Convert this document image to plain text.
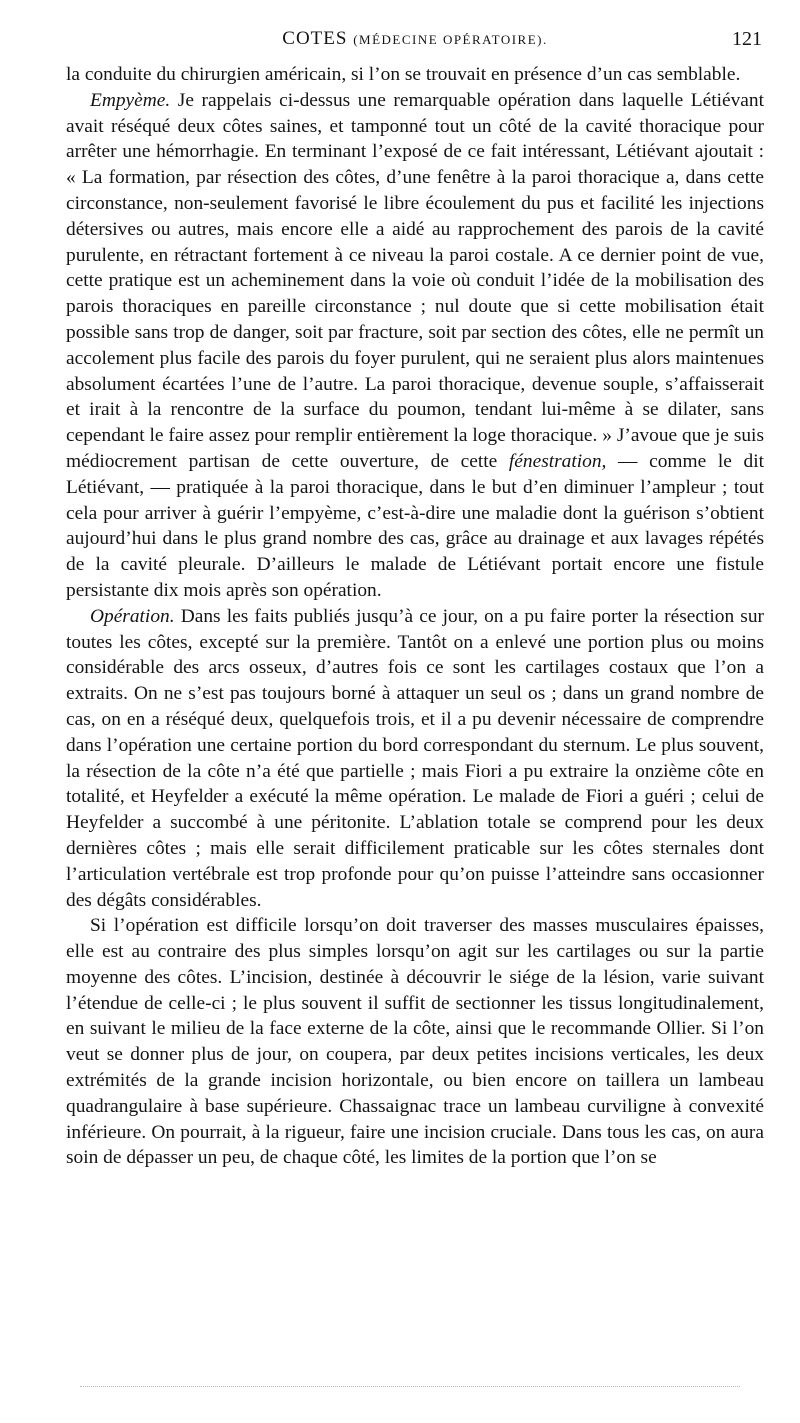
COTES (MÉDECINE OPÉRATOIRE).	121

la conduite du chirurgien américain, si l’on se trouvait en présence d’un cas semblable.

Empyème. Je rappelais ci-dessus une remarquable opération dans laquelle Létiévant avait réséqué deux côtes saines, et tamponné tout un côté de la cavité thoracique pour arrêter une hémorrhagie. En terminant l’exposé de ce fait intéressant, Létiévant ajoutait : « La formation, par résection des côtes, d’une fenêtre à la paroi thoracique a, dans cette circonstance, non-seulement favorisé le libre écoulement du pus et facilité les injections détersives ou autres, mais encore elle a aidé au rapprochement des parois de la cavité purulente, en rétractant fortement à ce niveau la paroi costale. A ce dernier point de vue, cette pratique est un acheminement dans la voie où conduit l’idée de la mobilisation des parois thoraciques en pareille circonstance ; nul doute que si cette mobilisation était possible sans trop de danger, soit par fracture, soit par section des côtes, elle ne permît un accolement plus facile des parois du foyer purulent, qui ne seraient plus alors maintenues absolument écartées l’une de l’autre. La paroi thoracique, devenue souple, s’affaisserait et irait à la rencontre de la surface du poumon, tendant lui-même à se dilater, sans cependant le faire assez pour remplir entièrement la loge thoracique. » J’avoue que je suis médiocrement partisan de cette ouverture, de cette fénestration, — comme le dit Létiévant, — pratiquée à la paroi thoracique, dans le but d’en diminuer l’ampleur ; tout cela pour arriver à guérir l’empyème, c’est-à-dire une maladie dont la guérison s’obtient aujourd’hui dans le plus grand nombre des cas, grâce au drainage et aux lavages répétés de la cavité pleurale. D’ailleurs le malade de Létiévant portait encore une fistule persistante dix mois après son opération.

Opération. Dans les faits publiés jusqu’à ce jour, on a pu faire porter la résection sur toutes les côtes, excepté sur la première. Tantôt on a enlevé une portion plus ou moins considérable des arcs osseux, d’autres fois ce sont les cartilages costaux que l’on a extraits. On ne s’est pas toujours borné à attaquer un seul os ; dans un grand nombre de cas, on en a réséqué deux, quelquefois trois, et il a pu devenir nécessaire de comprendre dans l’opération une certaine portion du bord correspondant du sternum. Le plus souvent, la résection de la côte n’a été que partielle ; mais Fiori a pu extraire la onzième côte en totalité, et Heyfelder a exécuté la même opération. Le malade de Fiori a guéri ; celui de Heyfelder a succombé à une péritonite. L’ablation totale se comprend pour les deux dernières côtes ; mais elle serait difficilement praticable sur les côtes sternales dont l’articulation vertébrale est trop profonde pour qu’on puisse l’atteindre sans occasionner des dégâts considérables.

Si l’opération est difficile lorsqu’on doit traverser des masses musculaires épaisses, elle est au contraire des plus simples lorsqu’on agit sur les cartilages ou sur la partie moyenne des côtes. L’incision, destinée à découvrir le siége de la lésion, varie suivant l’étendue de celle-ci ; le plus souvent il suffit de sectionner les tissus longitudinalement, en suivant le milieu de la face externe de la côte, ainsi que le recommande Ollier. Si l’on veut se donner plus de jour, on coupera, par deux petites incisions verticales, les deux extrémités de la grande incision horizontale, ou bien encore on taillera un lambeau quadrangulaire à base supérieure. Chassaignac trace un lambeau curviligne à convexité inférieure. On pourrait, à la rigueur, faire une incision cruciale. Dans tous les cas, on aura soin de dépasser un peu, de chaque côté, les limites de la portion que l’on se
